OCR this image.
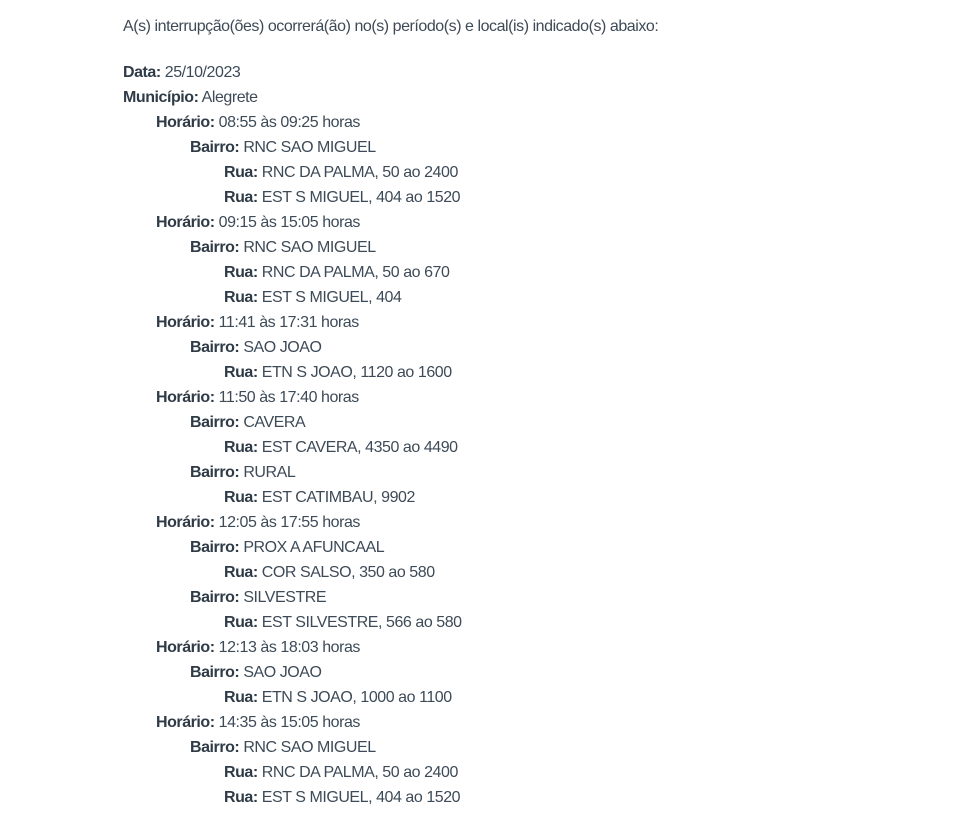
A(s) interrupção(ões) ocorrerá(ão) no(s) período(s) e local(is) indicado(s) abaixo:

Data: 25/10/2023
Município: Alegrete
Horário: 08:55 às 09:25 horas
Bairro: RNC SAO MIGUEL
Rua: RNC DA PALMA, 50 ao 2400
Rua: EST S MIGUEL, 404 ao 1520
Horário: 09:15 às 15:05 horas
Bairro: RNC SAO MIGUEL
Rua: RNC DA PALMA, 50 ao 670
Rua: EST S MIGUEL, 404
Horário: 11:41 às 17:31 horas
Bairro: SAO JOAO
Rua: ETN S JOAO, 1120 ao 1600
Horário: 11:50 às 17:40 horas
Bairro: CAVERA
Rua: EST CAVERA, 4350 ao 4490
Bairro: RURAL
Rua: EST CATIMBAU, 9902
Horário: 12:05 às 17:55 horas
Bairro: PROX A AFUNCAAL
Rua: COR SALSO, 350 ao 580
Bairro: SILVESTRE
Rua: EST SILVESTRE, 566 ao 580
Horário: 12:13 às 18:03 horas
Bairro: SAO JOAO
Rua: ETN S JOAO, 1000 ao 1100
Horário: 14:35 às 15:05 horas
Bairro: RNC SAO MIGUEL
Rua: RNC DA PALMA, 50 ao 2400
Rua: EST S MIGUEL, 404 ao 1520
